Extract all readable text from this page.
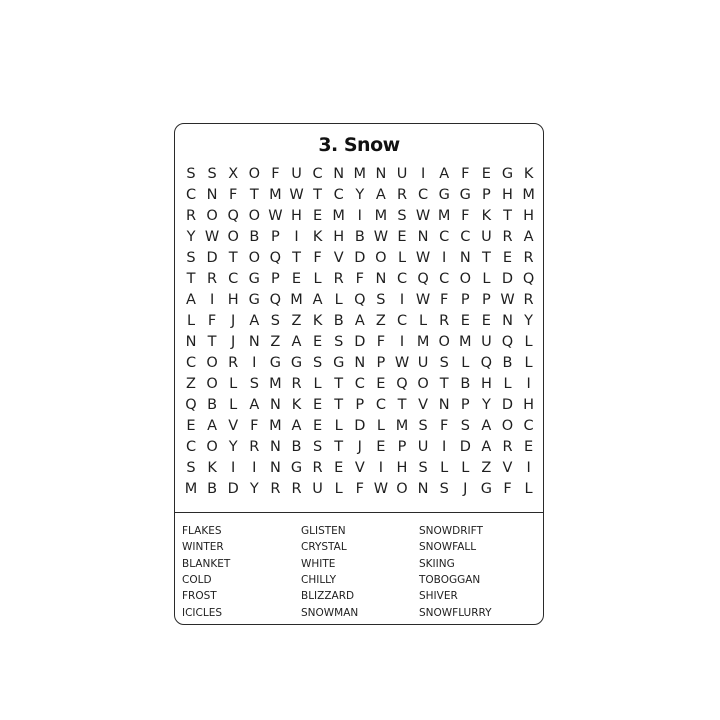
3. Snow
S S X O F U C N M N U I A F E G K
C N F T M W T C Y A R C G G P H M
R O Q O W H E M I M S W M F K T H
Y W O B P	I K H B W E N C C U R A
S D T O Q T F V D O L W I N T E R
T R C G P E L R F N C Q C O L D Q
A I H G Q M A L Q S I W F P P W R
L F	J A S Z K B A Z C L R E E N Y
N T	J N Z A E S D F	I M O M U Q L
C O R I G G S G N P W U S L Q B L
Z O L S M R L T C E Q O T B H L	I
Q B L A N K E T P C T V N P Y D H
E A V F M A E L D L M S F S A O C
C O Y R N B S T	J E P U I D A R E
S K I	I N G R E V I H S L L Z V I
M B D Y R R U L F W O N S J G F L
FLAKES
WINTER
BLANKET
COLD
FROST
ICICLES
GLISTEN
CRYSTAL
WHITE
CHILLY
BLIZZARD
SNOWMAN
SNOWDRIFT
SNOWFALL
SKIING
TOBOGGAN
SHIVER
SNOWFLURRY
